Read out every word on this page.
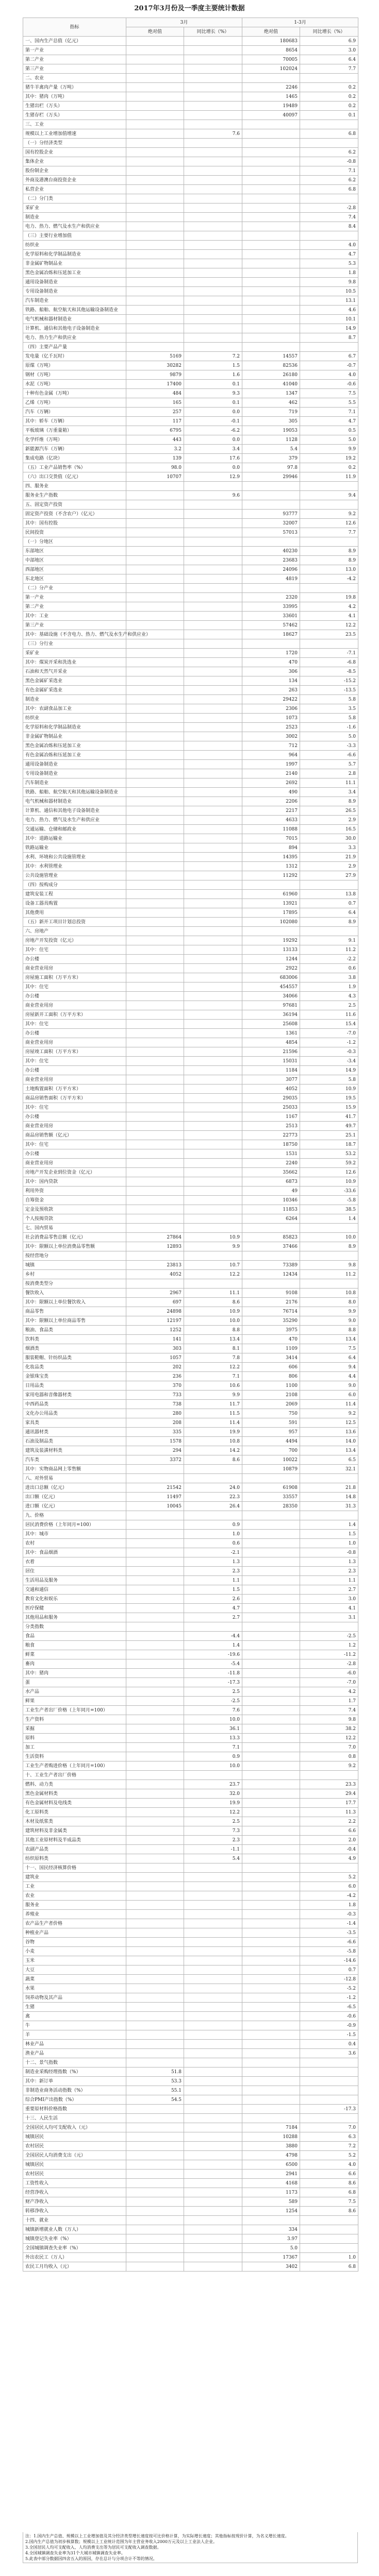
2017年3月份及一季度主要统计数据
指标	3月		1-3月	
	绝对值	同比增长（%）	绝对值	同比增长（%）
一、国内生产总值（亿元）			180683	6.9
第一产业			8654	3.0
第二产业			70005	6.4
第三产业			102024	7.7
二、农业				
猪牛羊禽肉产量（万吨）			2246	0.2
其中：猪肉（万吨）			1465	0.2
生猪出栏（万头）			19489	0.2
生猪存栏（万头）			40097	0.1
三、工业				
规模以上工业增加值增速		7.6		6.8
（一）分经济类型				
国有控股企业				6.2
集体企业				-0.8
股份制企业				7.1
外商及港澳台商投资企业				6.2
私营企业				6.8
（二）分门类				
采矿业				-2.8
制造业				7.4
电力、热力、燃气及水生产和供应业				8.4
（三）主要行业增加值				
纺织业				4.0
化学原料和化学制品制造业				4.7
非金属矿物制品业				5.3
黑色金属冶炼和压延加工业				1.8
通用设备制造业				9.8
专用设备制造业				10.5
汽车制造业				13.1
铁路、船舶、航空航天和其他运输设备制造业				4.6
电气机械和器材制造业				10.1
计算机、通信和其他电子设备制造业				14.9
电力、热力生产和供应业				8.7
（四）主要产品产量				
发电量（亿千瓦时）	5169	7.2	14557	6.7
原煤（万吨）	30282	1.5	82536	-0.7
钢材（万吨）	9879	1.6	26180	4.0
水泥（万吨）	17400	0.1	41040	-0.6
十种有色金属（万吨）	484	9.3	1347	7.5
乙烯（万吨）	165	0.1	462	5.5
汽车（万辆）	257	0.0	719	7.1
其中：轿车（万辆）	117	-0.1	305	4.7
平板玻璃（万重量箱）	6795	-6.2	19053	0.5
化学纤维（万吨）	443	0.0	1128	5.0
新能源汽车（万辆）	3.2	3.4	5.4	9.9
集成电路（亿块）	139	17.6	379	19.2
（五）工业产品销售率（%）	98.0	0.0	97.8	0.2
（六）出口交货值（亿元）	10707	12.9	29946	11.9
四、服务业				
服务业生产指数		9.6		9.4
五、固定资产投资				
固定资产投资（不含农户）（亿元）			93777	9.2
其中：国有控股			32007	12.6
民间投资			57013	7.7
（一）分地区				
东部地区			40230	8.9
中部地区			23683	8.9
西部地区			24096	13.0
东北地区			4819	-4.2
（二）分产业				
第一产业			2320	19.8
第二产业			33995	4.2
其中：工业			33601	4.1
第三产业			57462	12.2
其中：基础设施（不含电力、热力、燃气及水生产和供应业）			18627	23.5
（三）分行业				
采矿业			1720	-7.1
其中：煤炭开采和洗选业			470	-6.8
石油和天然气开采业			306	-8.5
黑色金属矿采选业			134	-15.2
有色金属矿采选业			263	-13.5
制造业			29422	5.8
其中：农副食品加工业			2306	3.5
纺织业			1073	5.8
化学原料和化学制品制造业			2523	-1.6
非金属矿物制品业			3002	5.0
黑色金属冶炼和压延加工业			712	-3.3
有色金属冶炼和压延加工业			964	-6.6
通用设备制造业			1997	5.7
专用设备制造业			2140	2.8
汽车制造业			2692	11.1
铁路、船舶、航空航天和其他运输设备制造业			490	3.4
电气机械和器材制造业			2206	8.9
计算机、通信和其他电子设备制造业			2217	26.5
电力、热力、燃气及水生产和供应业			4633	2.9
交通运输、仓储和邮政业			11088	16.5
其中：道路运输业			7015	30.0
铁路运输业			894	3.3
水利、环境和公共设施管理业			14395	21.9
其中：水利管理业			1312	2.9
公共设施管理业			11292	27.9
（四）按构成分				
建筑安装工程			61960	13.8
设备工器具购置			13921	0.7
其他费用			17895	6.4
（五）新开工项目计划总投资			102080	8.9
六、房地产				
房地产开发投资（亿元）			19292	9.1
其中：住宅			13133	11.2
办公楼			1244	-2.2
商业营业用房			2922	0.6
房屋施工面积（万平方米）			683006	3.8
其中：住宅			454557	1.9
办公楼			34066	4.3
商业营业用房			97681	2.5
房屋新开工面积（万平方米）			36194	11.6
其中：住宅			25608	15.4
办公楼			1361	-7.0
商业营业用房			4854	-1.2
房屋竣工面积（万平方米）			21596	-0.3
其中：住宅			15031	-3.4
办公楼			1184	14.9
商业营业用房			3077	5.8
土地购置面积（万平方米）			4052	10.9
商品房销售面积（万平方米）			29035	19.5
其中：住宅			25033	15.9
办公楼			1167	41.7
商业营业用房			2513	49.7
商品房销售额（亿元）			22773	25.1
其中：住宅			18750	18.7
办公楼			1531	53.2
商业营业用房			2240	59.2
房地产开发企业到位资金（亿元）			35662	12.6
其中：国内贷款			6873	10.9
利用外资			49	-33.6
自筹资金			10346	-5.8
定金及预收款			11853	38.5
个人按揭贷款			6264	1.4
七、国内贸易				
社会消费品零售总额（亿元）	27864	10.9	85823	10.0
其中：限额以上单位消费品零售额	12893	9.9	37466	8.9
按经营地分				
城镇	23813	10.7	73389	9.8
乡村	4052	12.2	12434	11.2
按消费类型分				
餐饮收入	2967	11.1	9108	10.8
其中：限额以上单位餐饮收入	697	8.6	2176	8.0
商品零售	24898	10.9	76714	9.9
其中：限额以上单位商品零售	12197	10.0	35290	9.0
粮油、食品类	1252	8.8	3975	8.8
饮料类	141	13.4	470	13.4
烟酒类	303	8.1	1109	7.5
服装鞋帽、针纺织品类	1057	7.8	3414	6.4
化妆品类	202	12.2	606	9.4
金银珠宝类	236	7.1	806	4.4
日用品类	370	10.6	1100	9.0
家用电器和音像器材类	733	9.9	2108	6.0
中西药品类	738	11.7	2069	11.4
文化办公用品类	280	11.5	750	9.2
家具类	208	11.4	591	12.5
通讯器材类	335	19.9	957	13.6
石油及制品类	1578	10.8	4494	14.0
建筑及装潢材料类	294	14.2	700	13.4
汽车类	3372	8.6	10022	6.5
其中：实物商品网上零售额			10879	32.1
八、对外贸易				
进出口总额（亿元）	21542	24.0	61908	21.8
出口额（亿元）	11497	22.3	33557	14.8
进口额（亿元）	10045	26.4	28350	31.3
九、价格				
居民消费价格（上年同月=100）		0.9		1.4
其中：城市		1.0		1.5
农村		0.6		1.0
其中：食品烟酒		-2.1		-0.8
衣着		1.3		1.3
居住		2.3		2.3
生活用品及服务		1.1		1.1
交通和通信		1.5		2.7
教育文化和娱乐		2.6		3.0
医疗保健		4.7		4.1
其他用品和服务		2.7		3.1
分类指数				
食品		-4.4		-2.5
粮食		1.4		1.2
鲜菜		-19.6		-11.2
畜肉		-5.4		-2.8
其中：猪肉		-11.8		-6.0
蛋		-17.3		-7.0
水产品		2.5		4.2
鲜果		-2.5		1.7
工业生产者出厂价格（上年同月=100）		7.6		7.4
生产资料		10.0		9.8
采掘		36.1		38.2
原料		13.3		12.2
加工		7.1		7.0
生活资料		0.9		0.8
工业生产者购进价格（上年同月=100）		10.0		9.2
十、工业生产者出厂价格				
燃料、动力类		23.7		23.3
黑色金属材料类		32.0		29.4
有色金属材料及电线类		19.9		17.7
化工原料类		12.2		11.3
木材及纸浆类		2.5		2.2
建筑材料及非金属类		7.3		6.6
其他工业原材料及半成品类		2.3		2.0
农副产品类		-1.1		-0.4
纺织原料类		5.4		4.9
十一、国民经济核算价格				
建筑业				5.2
工业				6.0
农业				-4.2
服务业				1.8
养殖业				-0.3
农产品生产者价格				-1.4
种植业产品				-3.5
谷物				-6.6
小麦				-5.8
玉米				-14.6
大豆				0.7
蔬菜				-12.8
水果				-5.2
饲养动物及其产品				-1.2
生猪				-6.5
禽				-0.6
牛				-0.9
羊				-1.5
林业产品				0.4
渔业产品				3.6
十二、景气指数				
制造业采购经理指数（%）	51.8			
其中：新订单	53.3			
非制造业商务活动指数（%）	55.1			
综合PMI产出指数（%）	54.5			
重要原材料价格指数				-17.3
十三、人民生活				
全国居民人均可支配收入（元）			7184	7.0
城镇居民			10288	6.3
农村居民			3880	7.2
全国居民人均消费支出（元）			4798	5.2
城镇居民			6500	4.0
农村居民			2941	6.6
工资性收入			4168	8.6
经营净收入			1173	6.8
财产净收入			589	7.5
转移净收入			1254	8.6
十四、就业				
城镇新增就业人数（万人）			334	
城镇登记失业率（%）			3.97	
全国城镇调查失业率（%）			5.0	
外出农民工（万人）			17367	1.0
农民工月均收入（元）			3402	6.8
注：1.国内生产总值、规模以上工业增加值及其分经济类型增长速度按可比价格计算，为实际增长速度；其他指标按现价计算，为名义增长速度。
2.国内生产总值为初步核算数；规模以上工业统计范围为年主营业务收入2000万元及以上工业法人企业。
3.全国居民人均可支配收入、人均消费支出等为居民可支配收入调查数据。
4.全国城镇调查失业率为31个大城市城镇调查失业率。
5.此表中部分数据因四舍五入的原因，存在总计与分项合计不等的情况。
